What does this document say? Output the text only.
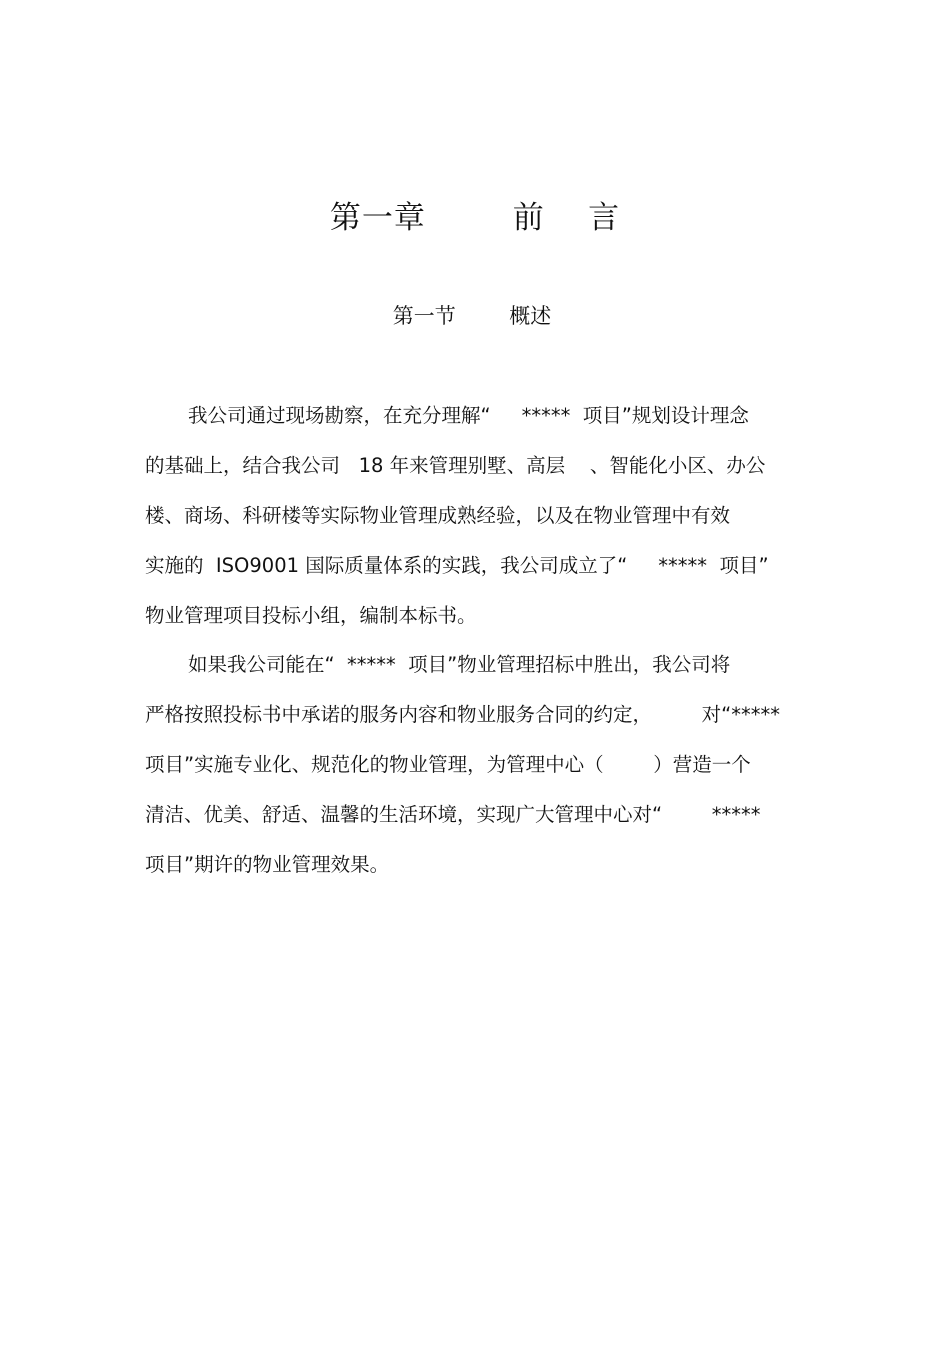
第一章        前    言
第一节        概述
我公司通过现场勘察，在充分理解“     *****  项目”规划设计理念
的基础上，结合我公司   18 年来管理别墅、高层    、智能化小区、办公
楼、商场、科研楼等实际物业管理成熟经验，以及在物业管理中有效
实施的  ISO9001 国际质量体系的实践，我公司成立了“     *****  项目”
物业管理项目投标小组，编制本标书。
如果我公司能在“  *****  项目”物业管理招标中胜出，我公司将
严格按照投标书中承诺的服务内容和物业服务合同的约定，        对“*****
项目”实施专业化、规范化的物业管理，为管理中心（        ）营造一个
清洁、优美、舒适、温馨的生活环境，实现广大管理中心对“        *****
项目”期许的物业管理效果。
